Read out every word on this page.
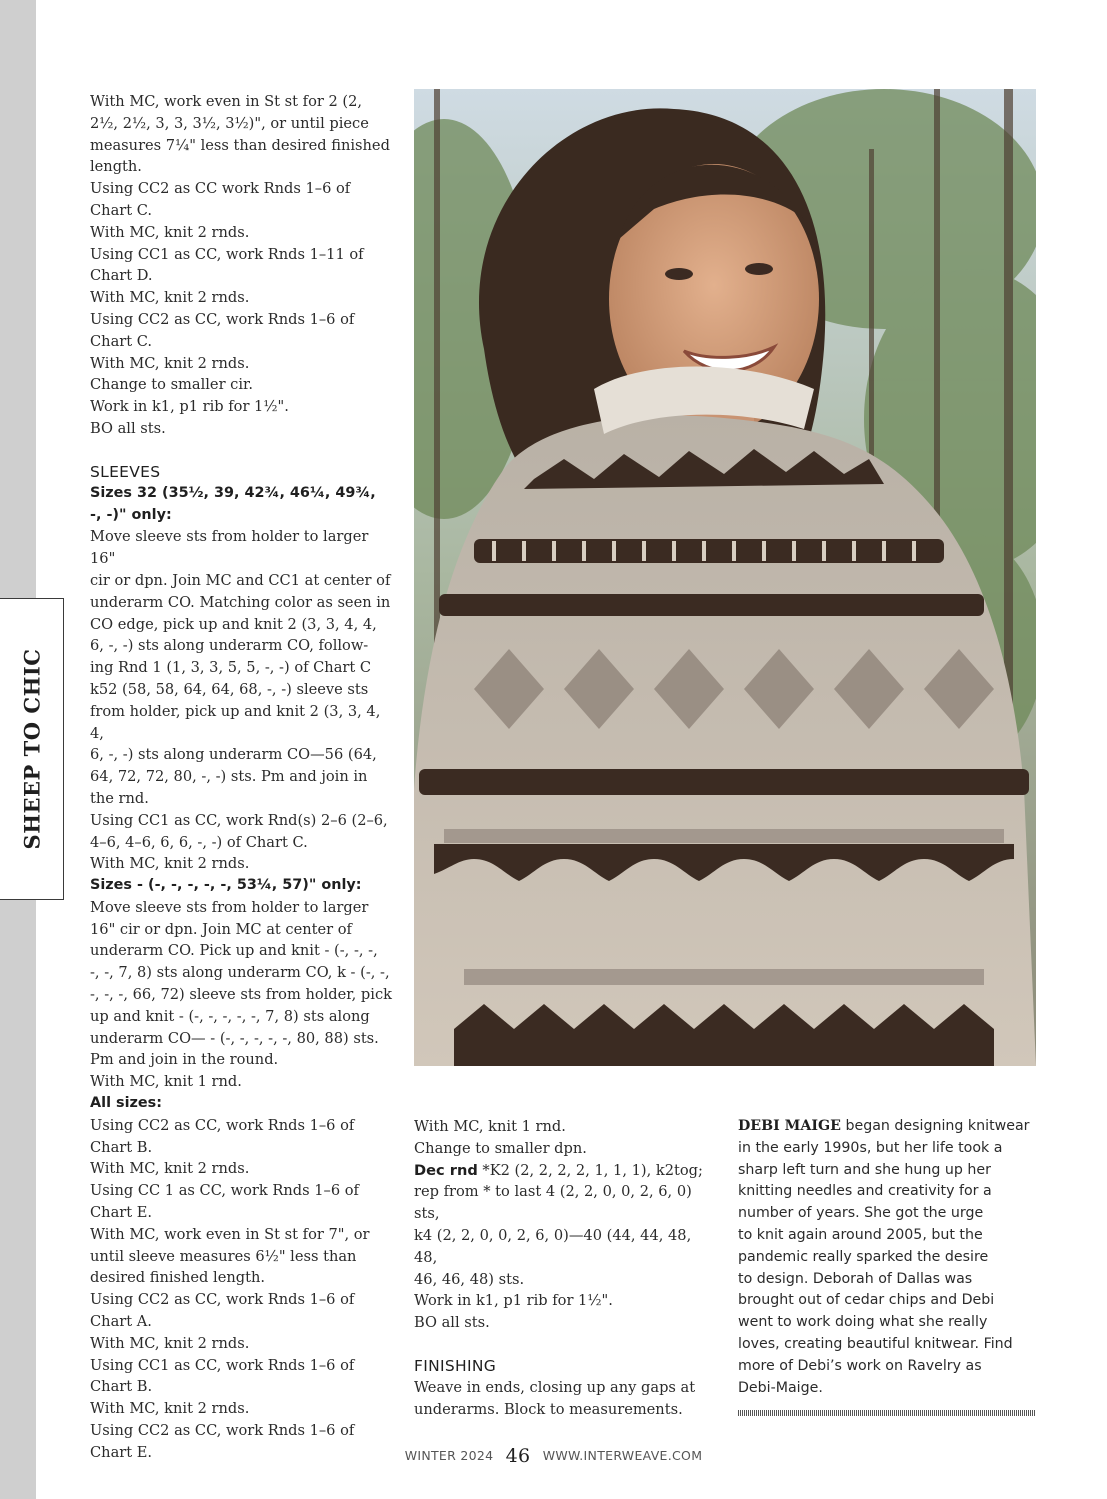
SHEEP TO CHIC

With MC, work even in St st for 2 (2,

2½, 2½, 3, 3, 3½, 3½)", or until piece

measures 7¼" less than desired finished

length.

Using CC2 as CC work Rnds 1–6 of

Chart C.

With MC, knit 2 rnds.

Using CC1 as CC, work Rnds 1–11 of

Chart D.

With MC, knit 2 rnds.

Using CC2 as CC, work Rnds 1–6 of

Chart C.

With MC, knit 2 rnds.

Change to smaller cir.

Work in k1, p1 rib for 1½".

BO all sts.

SLEEVES

Sizes 32 (35½, 39, 42¾, 46¼, 49¾,

-, -)" only:

Move sleeve sts from holder to larger 16"

cir or dpn. Join MC and CC1 at center of

underarm CO. Matching color as seen in

CO edge, pick up and knit 2 (3, 3, 4, 4,

6, -, -) sts along underarm CO, follow-

ing Rnd 1 (1, 3, 3, 5, 5, -, -) of Chart C

k52 (58, 58, 64, 64, 68, -, -) sleeve sts

from holder, pick up and knit 2 (3, 3, 4, 4,

6, -, -) sts along underarm CO—56 (64,

64, 72, 72, 80, -, -) sts. Pm and join in

the rnd.

Using CC1 as CC, work Rnd(s) 2–6 (2–6,

4–6, 4–6, 6, 6, -, -) of Chart C.

With MC, knit 2 rnds.

Sizes - (-, -, -, -, -, 53¼, 57)" only:

Move sleeve sts from holder to larger

16" cir or dpn. Join MC at center of

underarm CO. Pick up and knit - (-, -, -,

-, -, 7, 8) sts along underarm CO, k - (-, -,

-, -, -, 66, 72) sleeve sts from holder, pick

up and knit - (-, -, -, -, -, 7, 8) sts along

underarm CO— - (-, -, -, -, -, 80, 88) sts.

Pm and join in the round.

With MC, knit 1 rnd.

All sizes:

Using CC2 as CC, work Rnds 1–6 of

Chart B.

With MC, knit 2 rnds.

Using CC 1 as CC, work Rnds 1–6 of

Chart E.

With MC, work even in St st for 7", or

until sleeve measures 6½" less than

desired finished length.

Using CC2 as CC, work Rnds 1–6 of

Chart A.

With MC, knit 2 rnds.

Using CC1 as CC, work Rnds 1–6 of

Chart B.

With MC, knit 2 rnds.

Using CC2 as CC, work Rnds 1–6 of

Chart E.

With MC, knit 1 rnd.

Change to smaller dpn.

Dec rnd *K2 (2, 2, 2, 2, 1, 1, 1), k2tog;

rep from * to last 4 (2, 2, 0, 0, 2, 6, 0) sts,

k4 (2, 2, 0, 0, 2, 6, 0)—40 (44, 44, 48, 48,

46, 46, 48) sts.

Work in k1, p1 rib for 1½".

BO all sts.

FINISHING

Weave in ends, closing up any gaps at

underarms. Block to measurements.

DEBI MAIGE began designing knitwear

in the early 1990s, but her life took a

sharp left turn and she hung up her

knitting needles and creativity for a

number of years. She got the urge

to knit again around 2005, but the

pandemic really sparked the desire

to design. Deborah of Dallas was

brought out of cedar chips and Debi

went to work doing what she really

loves, creating beautiful knitwear. Find

more of Debi’s work on Ravelry as

Debi-Maige.

WINTER 2024 46 WWW.INTERWEAVE.COM
